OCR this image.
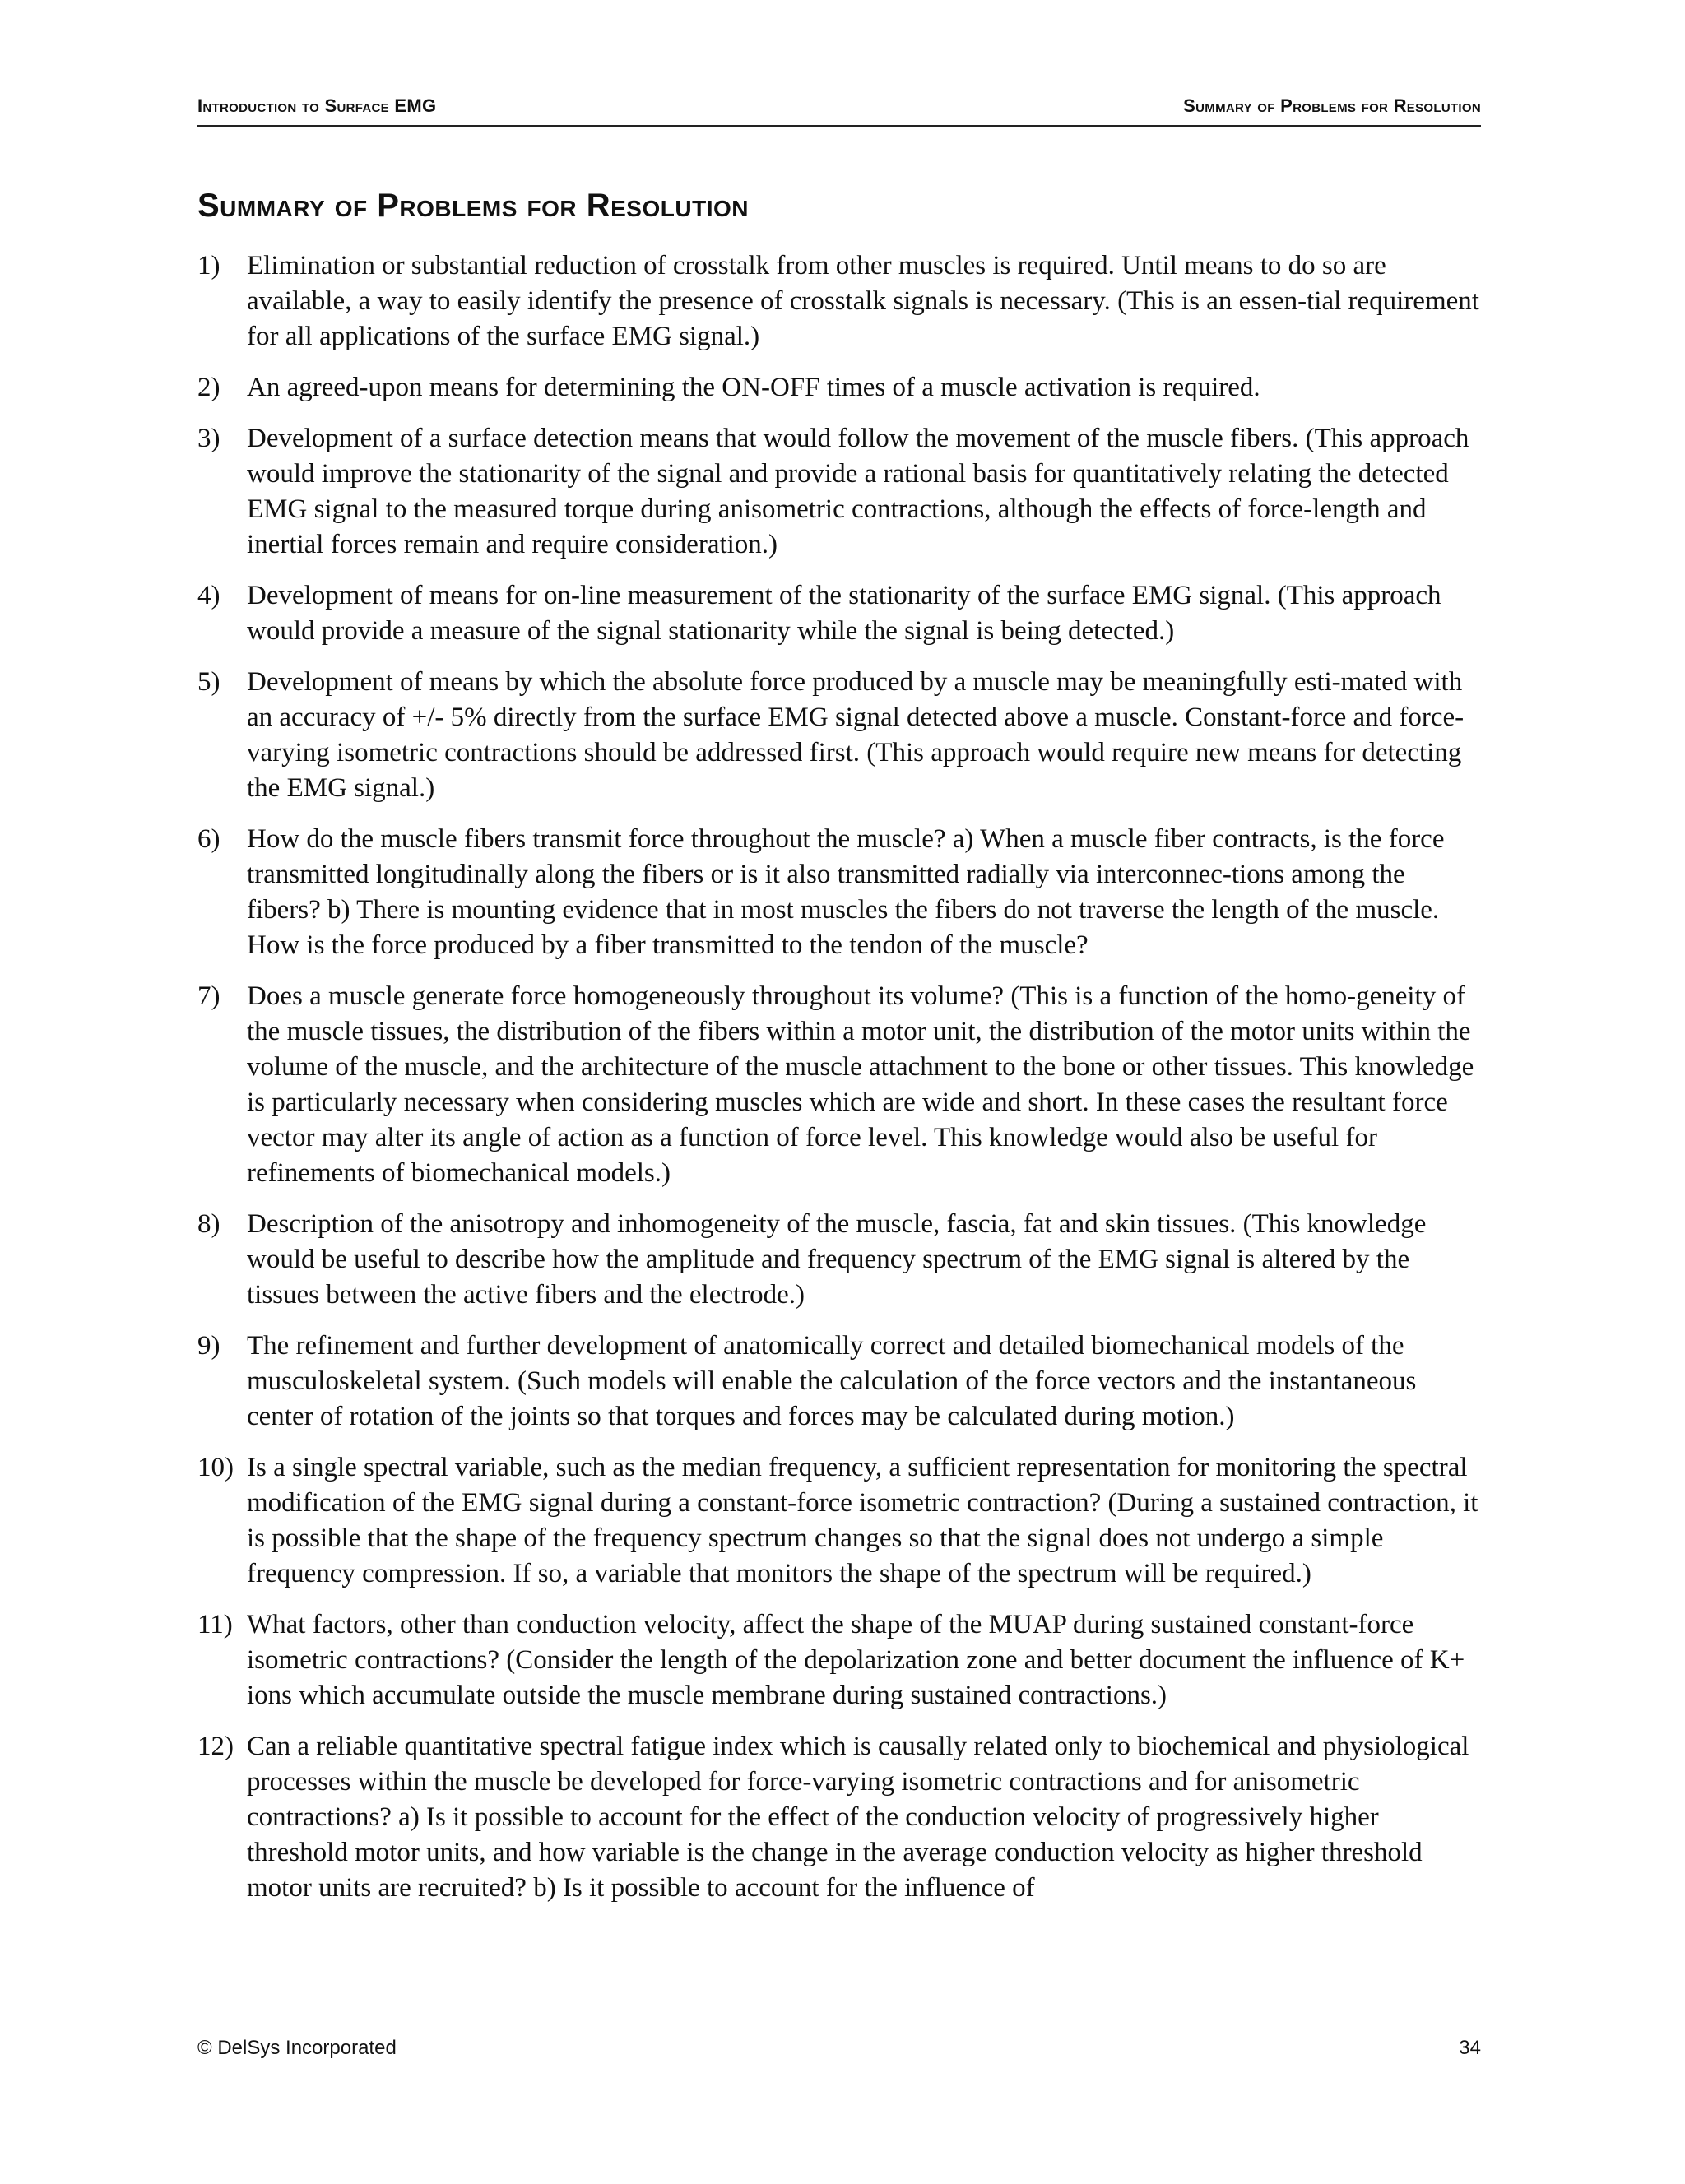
Introduction to Surface EMG	Summary of Problems for Resolution
Summary of Problems for Resolution
1) Elimination or substantial reduction of crosstalk from other muscles is required. Until means to do so are available, a way to easily identify the presence of crosstalk signals is necessary. (This is an essen-tial requirement for all applications of the surface EMG signal.)
2) An agreed-upon means for determining the ON-OFF times of a muscle activation is required.
3) Development of a surface detection means that would follow the movement of the muscle fibers. (This approach would improve the stationarity of the signal and provide a rational basis for quantitatively relating the detected EMG signal to the measured torque during anisometric contractions, although the effects of force-length and inertial forces remain and require consideration.)
4) Development of means for on-line measurement of the stationarity of the surface EMG signal. (This approach would provide a measure of the signal stationarity while the signal is being detected.)
5) Development of means by which the absolute force produced by a muscle may be meaningfully esti-mated with an accuracy of +/- 5% directly from the surface EMG signal detected above a muscle. Constant-force and force-varying isometric contractions should be addressed first. (This approach would require new means for detecting the EMG signal.)
6) How do the muscle fibers transmit force throughout the muscle? a) When a muscle fiber contracts, is the force transmitted longitudinally along the fibers or is it also transmitted radially via interconnec-tions among the fibers? b) There is mounting evidence that in most muscles the fibers do not traverse the length of the muscle. How is the force produced by a fiber transmitted to the tendon of the muscle?
7) Does a muscle generate force homogeneously throughout its volume? (This is a function of the homo-geneity of the muscle tissues, the distribution of the fibers within a motor unit, the distribution of the motor units within the volume of the muscle, and the architecture of the muscle attachment to the bone or other tissues. This knowledge is particularly necessary when considering muscles which are wide and short. In these cases the resultant force vector may alter its angle of action as a function of force level. This knowledge would also be useful for refinements of biomechanical models.)
8) Description of the anisotropy and inhomogeneity of the muscle, fascia, fat and skin tissues. (This knowledge would be useful to describe how the amplitude and frequency spectrum of the EMG signal is altered by the tissues between the active fibers and the electrode.)
9) The refinement and further development of anatomically correct and detailed biomechanical models of the musculoskeletal system. (Such models will enable the calculation of the force vectors and the instantaneous center of rotation of the joints so that torques and forces may be calculated during motion.)
10) Is a single spectral variable, such as the median frequency, a sufficient representation for monitoring the spectral modification of the EMG signal during a constant-force isometric contraction? (During a sustained contraction, it is possible that the shape of the frequency spectrum changes so that the signal does not undergo a simple frequency compression. If so, a variable that monitors the shape of the spectrum will be required.)
11) What factors, other than conduction velocity, affect the shape of the MUAP during sustained constant-force isometric contractions? (Consider the length of the depolarization zone and better document the influence of K+ ions which accumulate outside the muscle membrane during sustained contractions.)
12) Can a reliable quantitative spectral fatigue index which is causally related only to biochemical and physiological processes within the muscle be developed for force-varying isometric contractions and for anisometric contractions? a) Is it possible to account for the effect of the conduction velocity of progressively higher threshold motor units, and how variable is the change in the average conduction velocity as higher threshold motor units are recruited? b) Is it possible to account for the influence of
© DelSys Incorporated	34
